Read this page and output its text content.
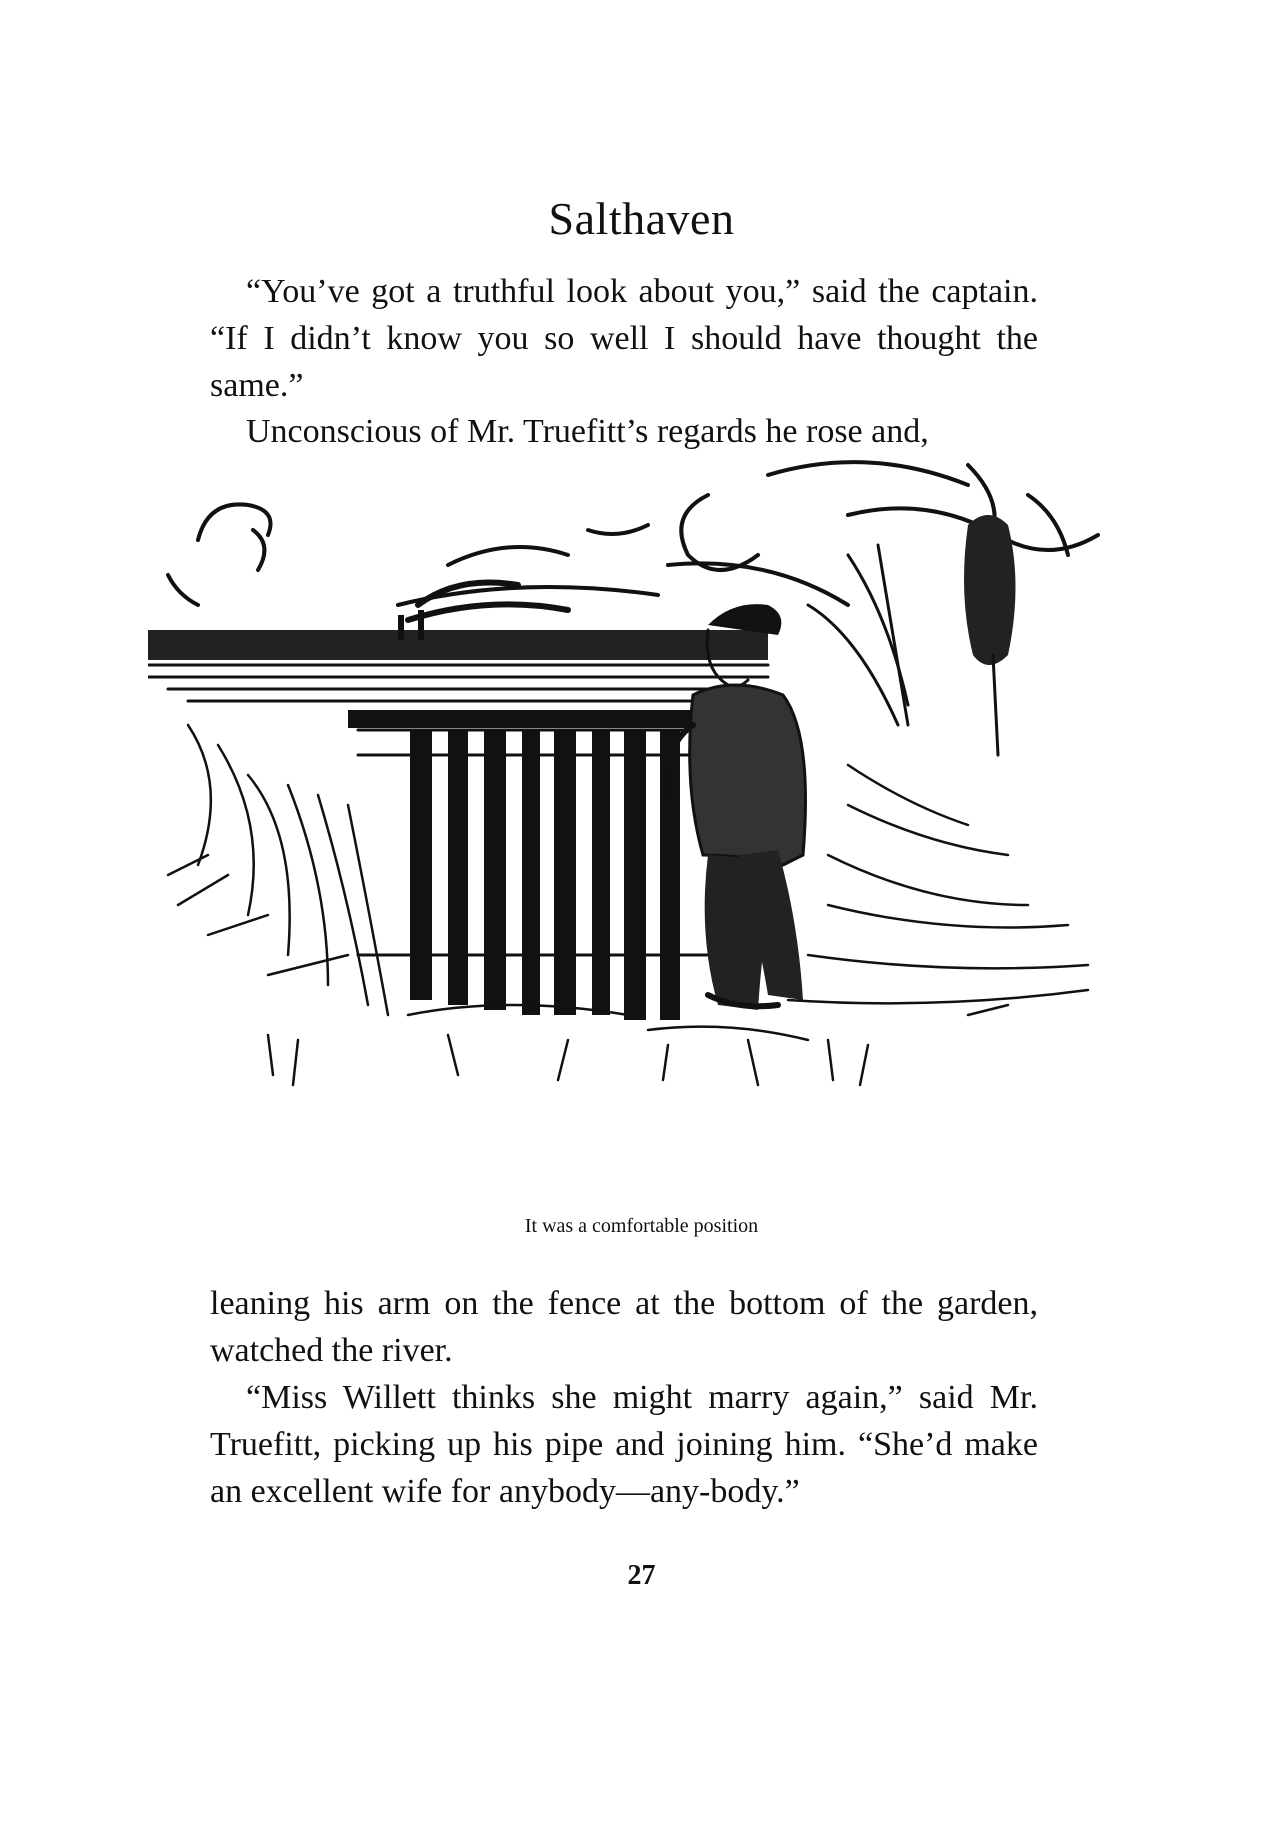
Salthaven

“You’ve got a truthful look about you,” said the captain. “If I didn’t know you so well I should have thought the same.”

Unconscious of Mr. Truefitt’s regards he rose and,

It was a comfortable position

leaning his arm on the fence at the bottom of the garden, watched the river.

“Miss Willett thinks she might marry again,” said Mr. Truefitt, picking up his pipe and joining him. “She’d make an excellent wife for anybody—any-body.”

27
